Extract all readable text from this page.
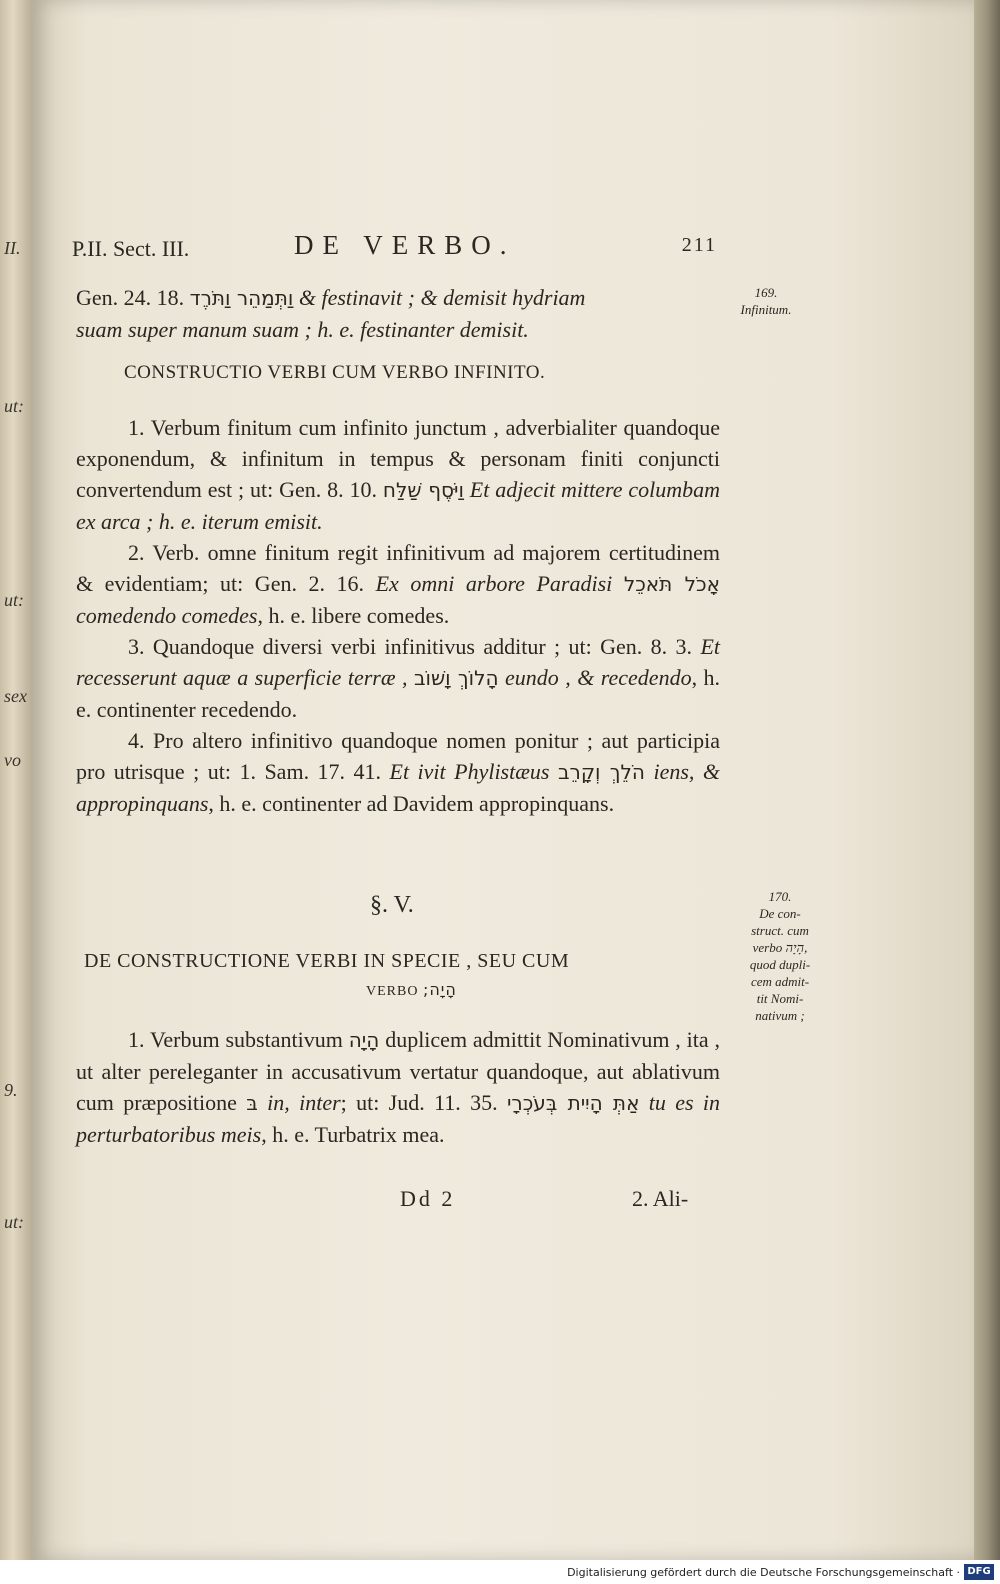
II.
ut:
ut:
sex
vo
9.
ut:
P.II. Sect. III.	DE VERBO.	211

Gen. 24. 18. וַתְּמַהֵר וַתֹּרֶד & festinavit ; & demisit hydriam

suam super manum suam ; h. e. festinanter demisit.

CONSTRUCTIO VERBI CUM VERBO INFINITO.

1. Verbum finitum cum infinito junctum , adverbialiter quandoque exponendum, & infinitum in tempus & personam finiti conjuncti convertendum est ; ut: Gen. 8. 10. וַיֹּסֶף שַׁלַּח Et adjecit mittere columbam ex arca ; h. e. iterum emisit.

2. Verb. omne finitum regit infinitivum ad majorem certitudinem & evidentiam; ut: Gen. 2. 16. Ex omni arbore Paradisi אָכֹל תֹּאכֵל comedendo comedes, h. e. libere comedes.

3. Quandoque diversi verbi infinitivus additur ; ut: Gen. 8. 3. Et recesserunt aquæ a superficie terræ , הָלוֹךְ וָשׁוֹב eundo , & recedendo, h. e. continenter recedendo.

4. Pro altero infinitivo quandoque nomen ponitur ; aut participia pro utrisque ; ut: 1. Sam. 17. 41. Et ivit Phylistæus הֹלֵךְ וְקָרֵב iens, & appropinquans, h. e. continenter ad Davidem appropinquans.

§. V.
DE CONSTRUCTIONE VERBI IN SPECIE , SEU CUM
VERBO הָיָה;

1. Verbum substantivum הָיָה duplicem admittit Nominativum , ita , ut alter pereleganter in accusativum vertatur quandoque, aut ablativum cum præpositione בּ in, inter; ut: Jud. 11. 35. אַתְּ הָיִית בְּעֹכְרָי tu es in perturbatoribus meis, h. e. Turbatrix mea.

169.
Infinitum.
170.
De con-
struct. cum
verbo הָיָה,
quod dupli-
cem admit-
tit Nomi-
nativum ;
Dd 2	2. Ali-
Digitalisierung gefördert durch die Deutsche Forschungsgemeinschaft · DFG
